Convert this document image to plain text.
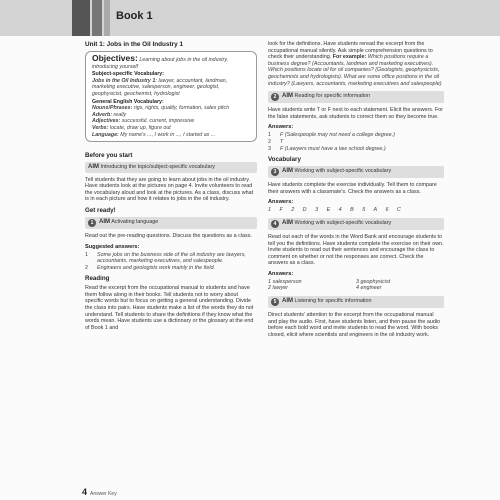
Book 1
Unit 1: Jobs in the Oil Industry 1
Objectives: Learning about jobs in the oil industry, introducing yourself
Subject-specific Vocabulary:
Jobs in the Oil Industry 1: lawyer, accountant, landman, marketing executive, salesperson, engineer, geologist, geophysicist, geochemist, hydrologist
General English Vocabulary:
Nouns/Phrases: rigs, rights, quality, formation, sales pitch
Adverb: really
Adjectives: successful, current, impressive
Verbs: locate, draw up, figure out
Language: My name's ..., I work in ..., I started as ...
Before you start
AIM Introducing the topic/subject-specific vocabulary
Tell students that they are going to learn about jobs in the oil industry. Have students look at the pictures on page 4. Invite volunteers to read the vocabulary aloud and look at the pictures. As a class, discuss what is in each picture and how it relates to jobs in the oil industry.
Get ready!
1 AIM Activating language
Read out the pre-reading questions. Discuss the questions as a class.
Suggested answers:
1	Some jobs on the business side of the oil industry are lawyers, accountants, marketing executives, and salespeople.
2	Engineers and geologists work mainly in the field.
Reading
Read the excerpt from the occupational manual to students and have them follow along in their books. Tell students not to worry about specific words but to focus on getting a general understanding. Divide the class into pairs. Have students make a list of the words they do not understand. Tell students to share the definitions if they know what the words mean. Have students use a dictionary or the glossary at the end of Book 1 and
look for the definitions. Have students reread the excerpt from the occupational manual silently. Ask simple comprehension questions to check their understanding. For example: Which positions require a business degree? (Accountants, landmen and marketing executives). Which positions locate oil for oil companies? (Geologists, geophysicists, geochemists and hydrologists). What are some office positions in the oil industry? (Lawyers, accountants, marketing executives and salespeople)
2 AIM Reading for specific information
Have students write T or F next to each statement. Elicit the answers. For the false statements, ask students to correct them so they become true.
Answers:
1	F (Salespeople may not need a college degree.)
2	T
3	F (Lawyers must have a law school degree.)
Vocabulary
3 AIM Working with subject-specific vocabulary
Have students complete the exercise individually. Tell them to compare their answers with a classmate's. Check the answers as a class.
Answers:
1 F 2 D 3 E 4 B 5 A 6 C
4 AIM Working with subject-specific vocabulary
Read out each of the words in the Word Bank and encourage students to tell you the definitions. Have students complete the exercise on their own. Invite students to read out their sentences and encourage the class to comment on whether or not the responses are correct. Check the answers as a class.
Answers:
1 salesperson	3 geophysicist
2 lawyer	4 engineer
5 AIM Listening for specific information
Direct students' attention to the excerpt from the occupational manual and play the audio. First, have students listen, and then pause the audio before each bold word and invite students to read the word. With books closed, elicit where scientists and engineers in the oil industry work.
4 Answer Key
